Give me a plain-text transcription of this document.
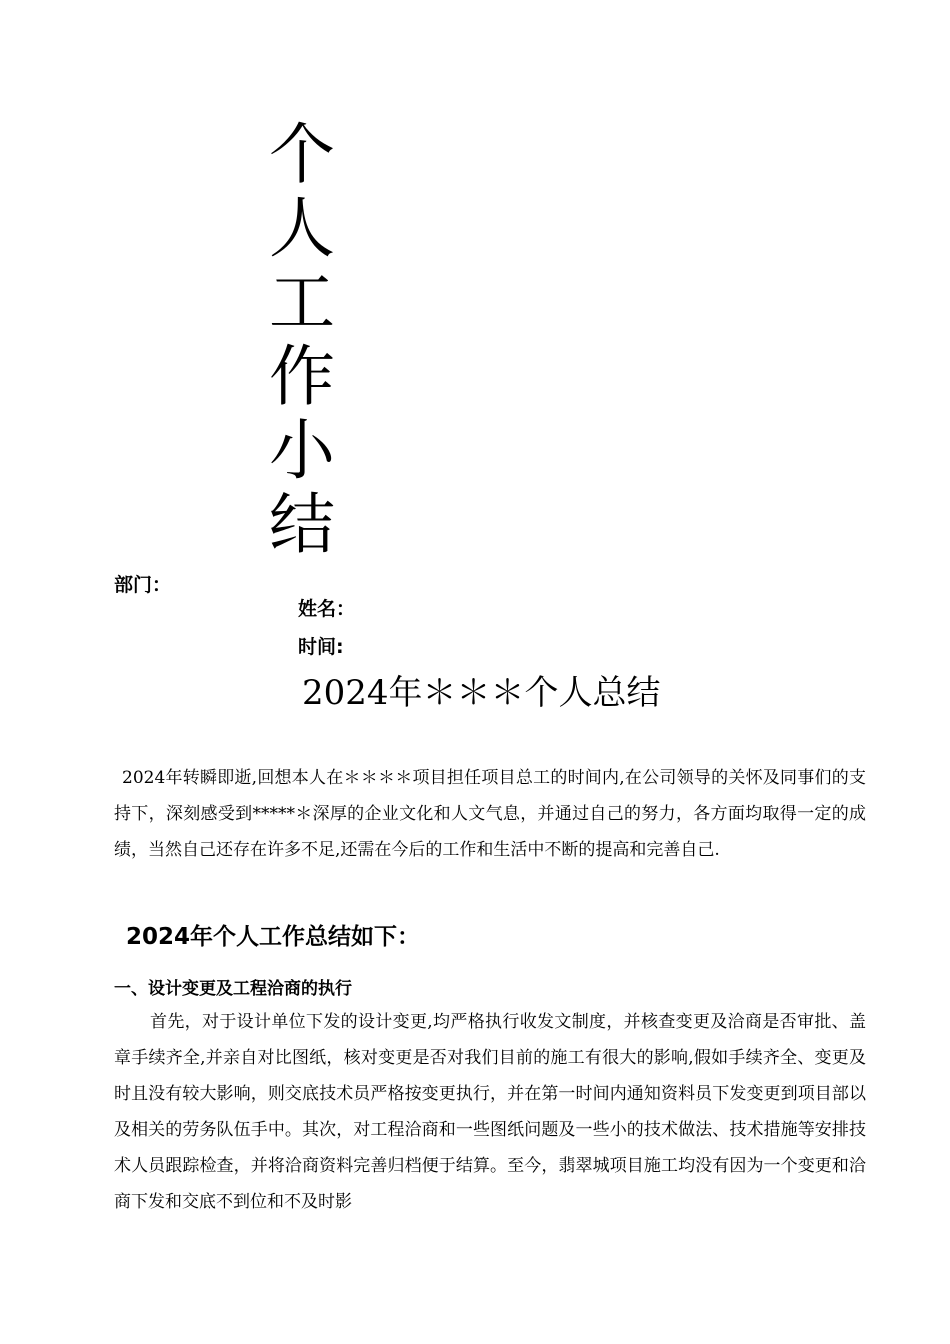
个
人
工
作
小
结
部门：
姓名：
时间:
2024年＊＊＊个人总结
2024年转瞬即逝,回想本人在＊＊＊＊项目担任项目总工的时间内,在公司领导的关怀及同事们的支持下，深刻感受到*****＊深厚的企业文化和人文气息，并通过自己的努力，各方面均取得一定的成绩，当然自己还存在许多不足,还需在今后的工作和生活中不断的提高和完善自己.
2024年个人工作总结如下：
一、设计变更及工程洽商的执行
首先，对于设计单位下发的设计变更,均严格执行收发文制度，并核查变更及洽商是否审批、盖章手续齐全,并亲自对比图纸，核对变更是否对我们目前的施工有很大的影响,假如手续齐全、变更及时且没有较大影响，则交底技术员严格按变更执行，并在第一时间内通知资料员下发变更到项目部以及相关的劳务队伍手中。其次，对工程洽商和一些图纸问题及一些小的技术做法、技术措施等安排技术人员跟踪检查，并将洽商资料完善归档便于结算。至今，翡翠城项目施工均没有因为一个变更和洽商下发和交底不到位和不及时影
